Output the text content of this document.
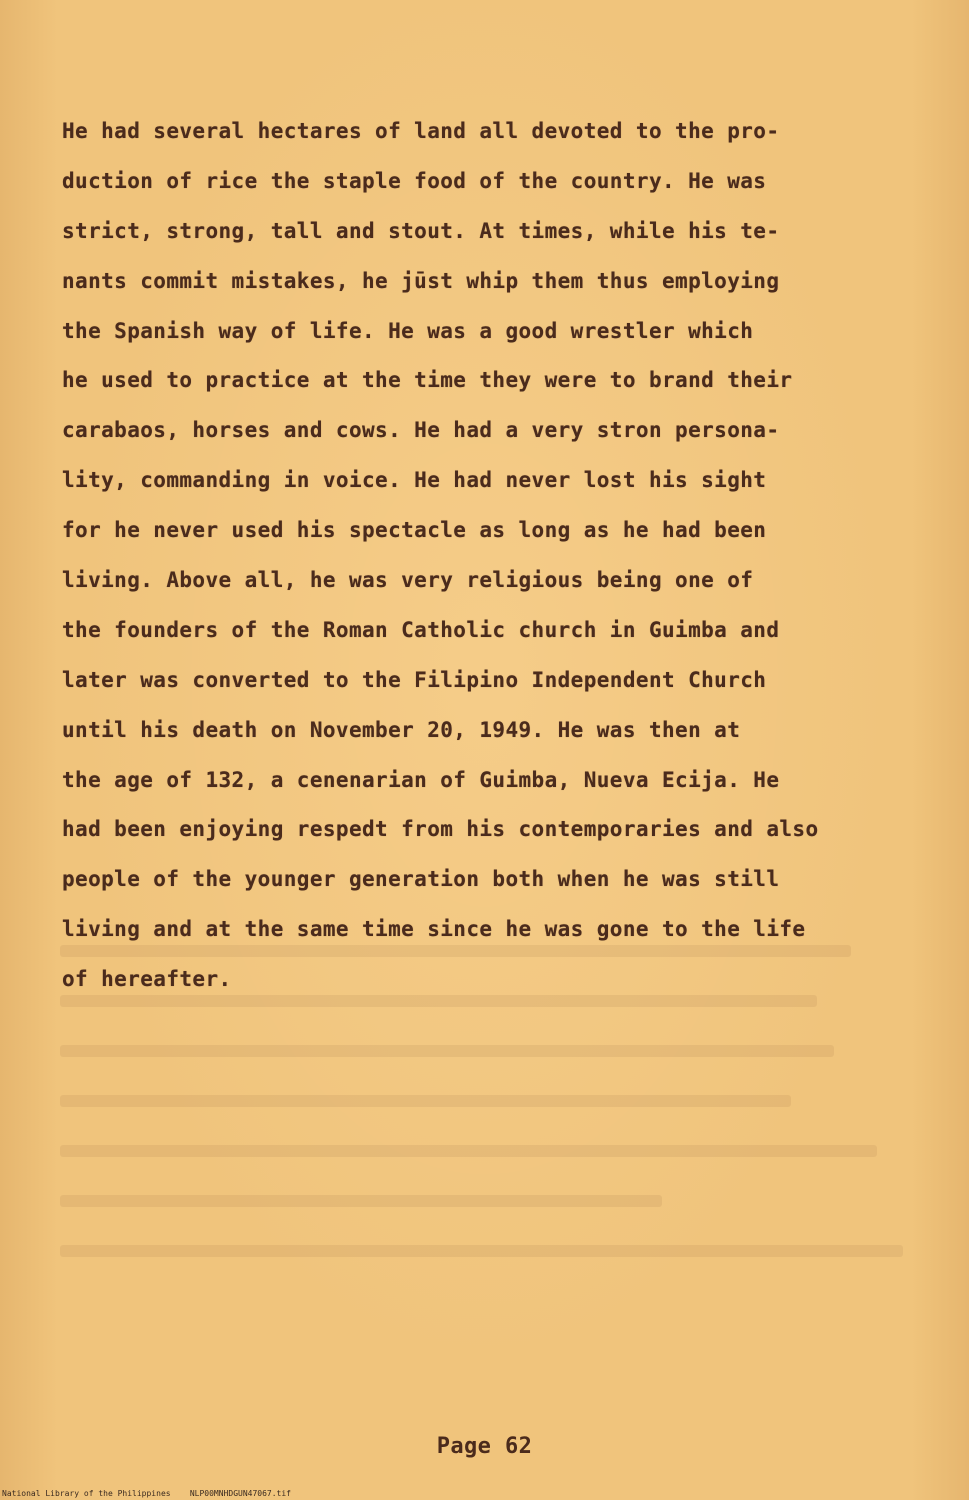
He had several hectares of land all devoted to the pro-
duction of rice the staple food of the country. He was
strict, strong, tall and stout. At times, while his te-
nants commit mistakes, he jūst whip them thus employing
the Spanish way of life. He was a good wrestler which
he used to practice at the time they were to brand their
carabaos, horses and cows. He had a very stron persona-
lity, commanding in voice. He had never lost his sight
for he never used his spectacle as long as he had been
living. Above all, he was very religious being one of
the founders of the Roman Catholic church in Guimba and
later was converted to the Filipino Independent Church
until his death on November 20, 1949. He was then at
the age of 132, a cenenarian of Guimba, Nueva Ecija. He
had been enjoying respedt from his contemporaries and also
people of the younger generation both when he was still
living and at the same time since he was gone to the life
of hereafter.
Page 62
National Library of the Philippines NLP00MNHDGUN47067.tif
